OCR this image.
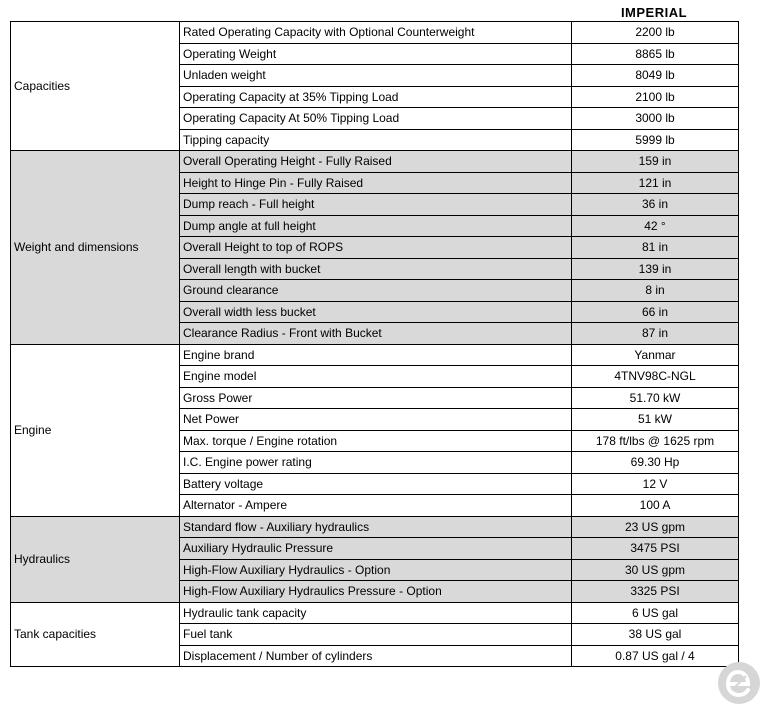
IMPERIAL
Capacities	Rated Operating Capacity with Optional Counterweight	2200 lb
	Operating Weight	8865 lb
	Unladen weight	8049 lb
	Operating Capacity at 35% Tipping Load	2100 lb
	Operating Capacity At 50% Tipping Load	3000 lb
	Tipping capacity	5999 lb
Weight and dimensions	Overall Operating Height - Fully Raised	159 in
	Height to Hinge Pin - Fully Raised	121 in
	Dump reach - Full height	36 in
	Dump angle at full height	42 °
	Overall Height to top of ROPS	81 in
	Overall length with bucket	139 in
	Ground clearance	8 in
	Overall width less bucket	66 in
	Clearance Radius - Front with Bucket	87 in
Engine	Engine brand	Yanmar
	Engine model	4TNV98C-NGL
	Gross Power	51.70 kW
	Net Power	51 kW
	Max. torque / Engine rotation	178 ft/lbs @ 1625 rpm
	I.C. Engine power rating	69.30 Hp
	Battery voltage	12 V
	Alternator - Ampere	100 A
Hydraulics	Standard flow - Auxiliary hydraulics	23 US gpm
	Auxiliary Hydraulic Pressure	3475 PSI
	High-Flow Auxiliary Hydraulics - Option	30 US gpm
	High-Flow Auxiliary Hydraulics Pressure - Option	3325 PSI
Tank capacities	Hydraulic tank capacity	6 US gal
	Fuel tank	38 US gal
	Displacement / Number of cylinders	0.87 US gal / 4
